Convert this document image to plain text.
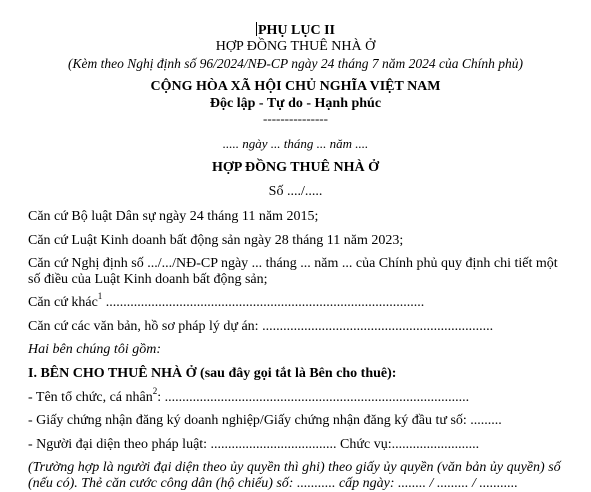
PHỤ LỤC II
HỢP ĐỒNG THUÊ NHÀ Ở
(Kèm theo Nghị định số 96/2024/NĐ-CP ngày 24 tháng 7 năm 2024 của Chính phủ)
CỘNG HÒA XÃ HỘI CHỦ NGHĨA VIỆT NAM
Độc lập - Tự do - Hạnh phúc
---------------
..... ngày ... tháng ... năm ....
HỢP ĐỒNG THUÊ NHÀ Ở
Số ..../.....
Căn cứ Bộ luật Dân sự ngày 24 tháng 11 năm 2015;
Căn cứ Luật Kinh doanh bất động sản ngày 28 tháng 11 năm 2023;
Căn cứ Nghị định số .../.../NĐ-CP ngày ... tháng ... năm ... của Chính phủ quy định chi tiết một
số điều của Luật Kinh doanh bất động sản;
Căn cứ khác$^1$ ...........................................................................................
Căn cứ các văn bản, hồ sơ pháp lý dự án: ..................................................................
Hai bên chúng tôi gồm:
I. BÊN CHO THUÊ NHÀ Ở (sau đây gọi tắt là Bên cho thuê):
- Tên tổ chức, cá nhân$^2$: .......................................................................................
- Giấy chứng nhận đăng ký doanh nghiệp/Giấy chứng nhận đăng ký đầu tư số: .........
- Người đại diện theo pháp luật: .................................... Chức vụ:.........................
(Trường hợp là người đại diện theo ủy quyền thì ghi) theo giấy ủy quyền (văn bản ủy quyền) số
(nếu có). Thẻ căn cước công dân (hộ chiếu) số: ........... cấp ngày: ........ / ......... / ...........
